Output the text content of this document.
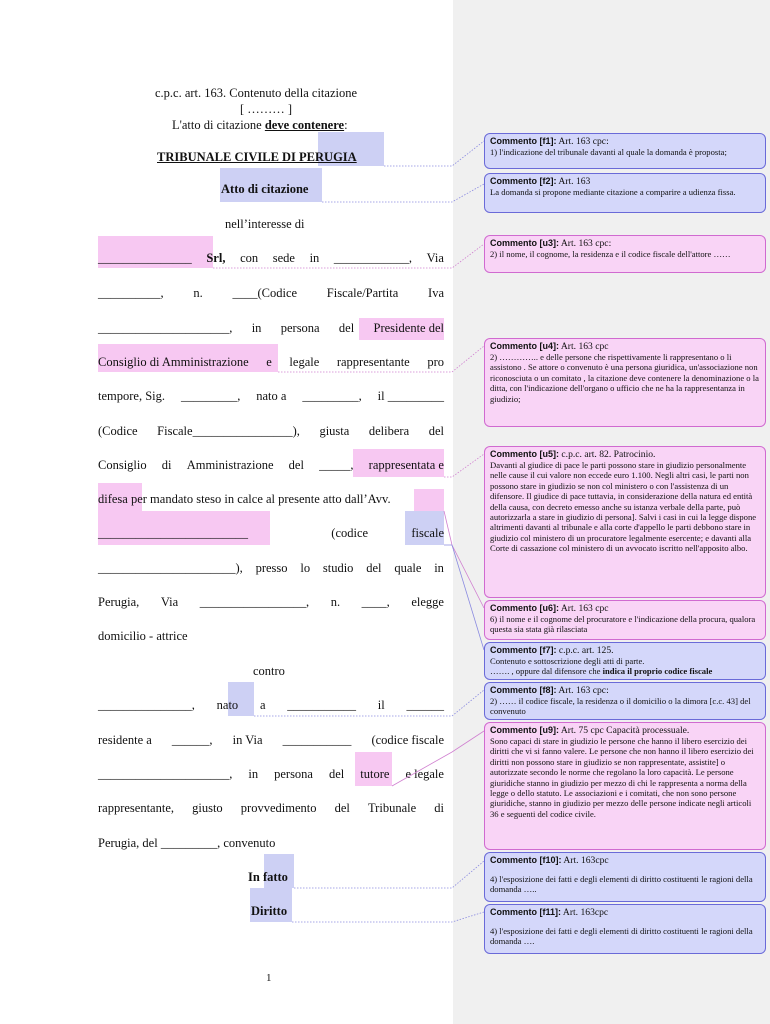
c.p.c. art. 163. Contenuto della citazione
[ ……… ]
L'atto di citazione deve contenere:
TRIBUNALE CIVILE DI PERUGIA
Atto di citazione
nell’interesse di
_______________ Srl, con sede in ____________, Via
__________, n. ____(Codice Fiscale/Partita Iva
_____________________, in persona del Presidente del
Consiglio di Amministrazione e legale rappresentante pro
tempore, Sig. _________, nato a _________, il _________
(Codice Fiscale________________), giusta delibera del
Consiglio di Amministrazione del _____, rappresentata e
difesa per mandato steso in calce al presente atto dall’Avv.
________________________	(codice	fiscale
______________________), presso lo studio del quale in
Perugia, Via _________________, n. ____, elegge
domicilio - attrice
contro
_______________, nato a ___________ il ______
residente a ______, in Via ___________ (codice fiscale
_____________________, in persona del tutore e legale
rappresentante, giusto provvedimento del Tribunale di
Perugia, del _________, convenuto
In fatto
Diritto
1
Commento [f1]: Art. 163 cpc:
1) l'indicazione del tribunale davanti al quale la domanda è proposta;
Commento [f2]: Art. 163
La domanda si propone mediante citazione a comparire a udienza fissa.
Commento [u3]: Art. 163 cpc:
2) il nome, il cognome, la residenza e il codice fiscale dell'attore ……
Commento [u4]: Art. 163 cpc
2) ………….. e delle persone che rispettivamente li rappresentano o li assistono . Se attore o convenuto è una persona giuridica, un'associazione non riconosciuta o un comitato , la citazione deve contenere la denominazione o la ditta, con l'indicazione dell'organo o ufficio che ne ha la rappresentanza in giudizio;
Commento [u5]: c.p.c. art. 82. Patrocinio.
Davanti al giudice di pace le parti possono stare in giudizio personalmente nelle cause il cui valore non eccede euro 1.100. Negli altri casi, le parti non possono stare in giudizio se non col ministero o con l'assistenza di un difensore. Il giudice di pace tuttavia, in considerazione della natura ed entità della causa, con decreto emesso anche su istanza verbale della parte, può autorizzarla a stare in giudizio di persona]. Salvi i casi in cui la legge dispone altrimenti davanti al tribunale e alla corte d'appello le parti debbono stare in giudizio col ministero di un procuratore legalmente esercente; e davanti alla Corte di cassazione col ministero di un avvocato iscritto nell'apposito albo.
Commento [u6]: Art. 163 cpc
6) il nome e il cognome del procuratore e l'indicazione della procura, qualora questa sia stata già rilasciata
Commento [f7]: c.p.c. art. 125.
Contenuto e sottoscrizione degli atti di parte.
……. , oppure dal difensore che indica il proprio codice fiscale
Commento [f8]: Art. 163 cpc:
2) …… il codice fiscale, la residenza o il domicilio o la dimora [c.c. 43] del convenuto
Commento [u9]: Art. 75 cpc Capacità processuale.
Sono capaci di stare in giudizio le persone che hanno il libero esercizio dei diritti che vi si fanno valere. Le persone che non hanno il libero esercizio dei diritti non possono stare in giudizio se non rappresentate, assistite] o autorizzate secondo le norme che regolano la loro capacità. Le persone giuridiche stanno in giudizio per mezzo di chi le rappresenta a norma della legge o dello statuto. Le associazioni e i comitati, che non sono persone giuridiche, stanno in giudizio per mezzo delle persone indicate negli articoli 36 e seguenti del codice civile.
Commento [f10]: Art. 163cpc
4) l'esposizione dei fatti e degli elementi di diritto costituenti le ragioni della domanda …..
Commento [f11]: Art. 163cpc
4) l'esposizione dei fatti e degli elementi di diritto costituenti le ragioni della domanda ….
